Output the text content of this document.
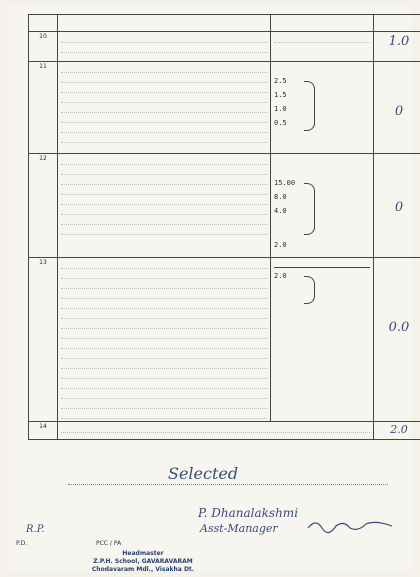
10			1.0
11		2.5
1.5
1.0
0.5	0
12		15.00
8.0
4.0
2.0	0
13		2.0	0.0
14			2.0
Selected
R.P.
P.D.	PCC / PA
Headmaster
Z.P.H. School, GAVARAVARAM
Chodavaram Mdl., Visakha Dt.
P. Dhanalakshmi
Asst-Manager
